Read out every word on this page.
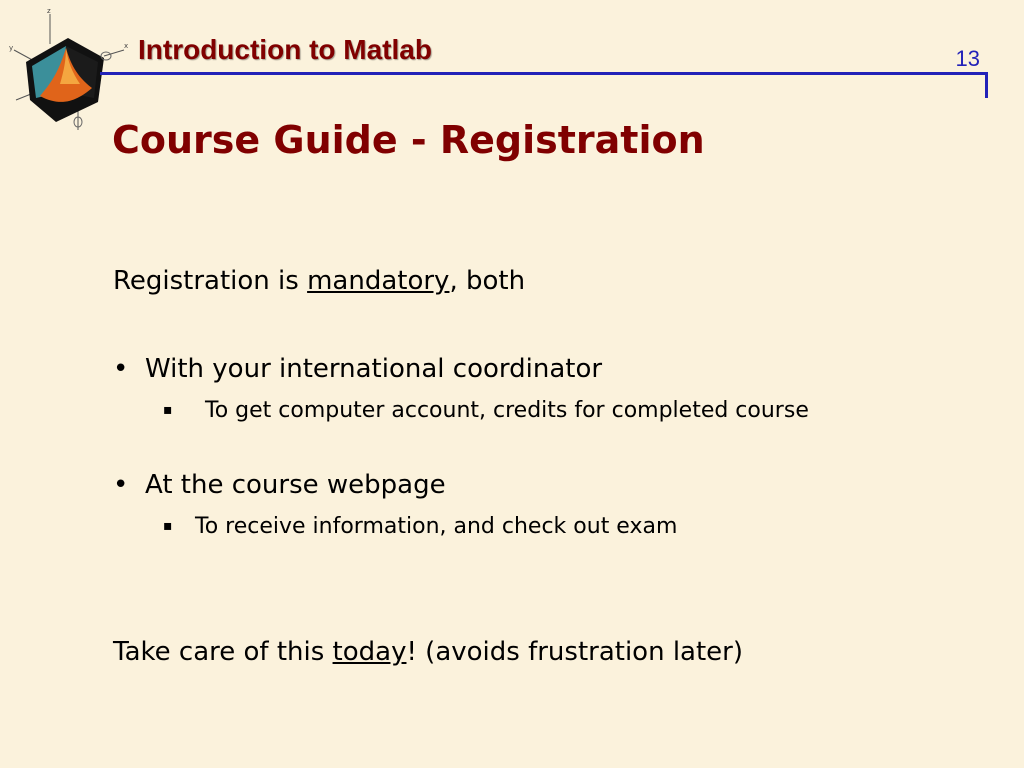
z
y	x Introduction to Matlab	13
Course Guide - Registration
Registration is mandatory, both
• With your international coordinator
▪ To get computer account, credits for completed course
• At the course webpage
▪ To receive information, and check out exam
Take care of this today! (avoids frustration later)
